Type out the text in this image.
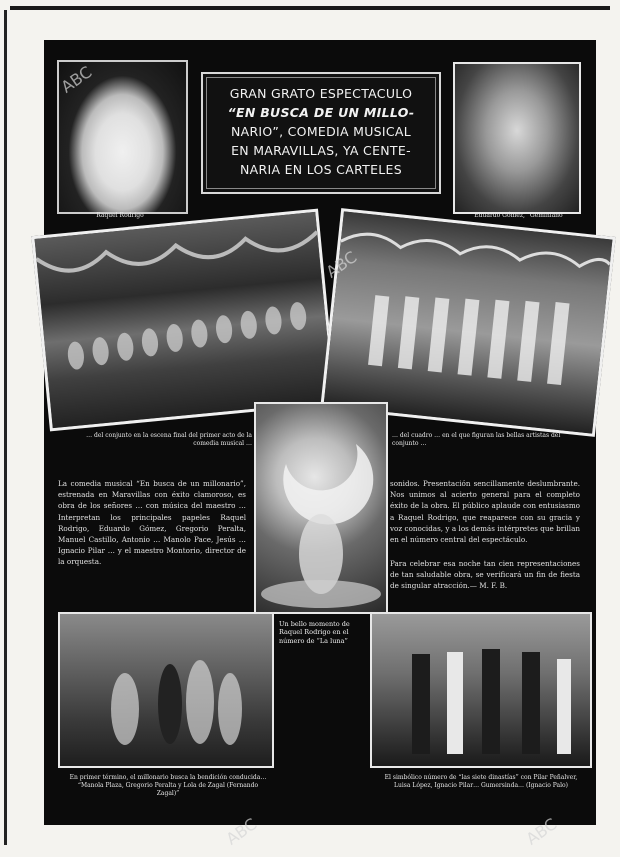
Raquel Rodrigo
GRAN GRATO ESPECTACULO
“EN BUSCA DE UN MILLO-
NARIO”, COMEDIA MUSICAL
EN MARAVILLAS, YA CENTE-
NARIA EN LOS CARTELES
Eduardo Gómez, “Geminiano”
… del conjunto en la escena final del primer acto de la comedia musical …
… del cuadro … en el que figuran las bellas artistas del conjunto …
La comedia musical “En busca de un millonario”, estrenada en Maravillas con éxito clamoroso, es obra de los señores … con música del maestro … Interpretan los principales papeles Raquel Rodrigo, Eduardo Gómez, Gregorio Peralta, Manuel Castillo, Antonio … Manolo Pace, Jesús … Ignacio Pilar … y el maestro Montorio, director de la orquesta.
sonidos. Presentación sencillamente deslumbrante. Nos unimos al acierto general para el completo éxito de la obra. El público aplaude con entusiasmo a Raquel Rodrigo, que reaparece con su gracia y voz conocidas, y a los demás intérpretes que brillan en el número central del espectáculo.
Para celebrar esa noche tan cien representaciones de tan saludable obra, se verificará un fin de fiesta de singular atracción.— M. F. B.
En primer término, el millonario busca la bendición conducida… “Manola Plaza, Gregorio Peralta y Lola de Zagal (Fernando Zagal)”
Un bello momento de Raquel Rodrigo en el número de “La luna”
El simbólico número de “las siete dinastías” con Pilar Peñalver, Luisa López, Ignacio Pilar… Gumersinda… (Ignacio Palo)
ABC
ABC
ABC	ABC
